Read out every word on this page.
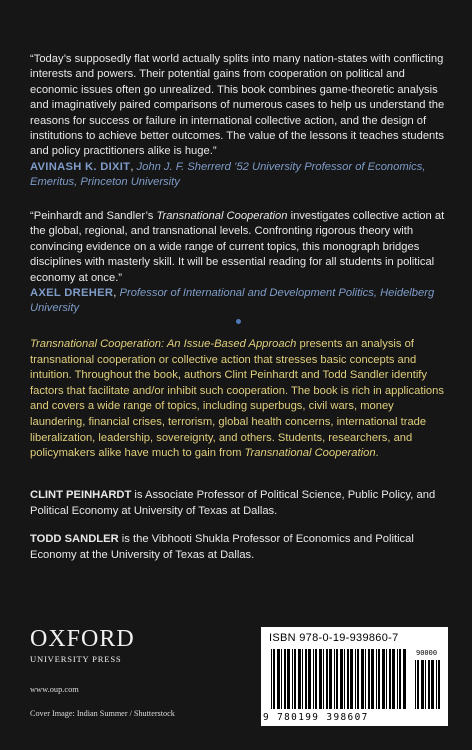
“Today’s supposedly flat world actually splits into many nation-states with conflicting interests and powers. Their potential gains from cooperation on political and economic issues often go unrealized. This book combines game-theoretic analysis and imaginatively paired comparisons of numerous cases to help us understand the reasons for success or failure in international collective action, and the design of institutions to achieve better outcomes. The value of the lessons it teaches students and policy practitioners alike is huge.”

AVINASH K. DIXIT, John J. F. Sherrerd ’52 University Professor of Economics, Emeritus, Princeton University

“Peinhardt and Sandler’s Transnational Cooperation investigates collective action at the global, regional, and transnational levels. Confronting rigorous theory with convincing evidence on a wide range of current topics, this monograph bridges disciplines with masterly skill. It will be essential reading for all students in political economy at once.”

AXEL DREHER, Professor of International and Development Politics, Heidelberg University

Transnational Cooperation: An Issue-Based Approach presents an analysis of transnational cooperation or collective action that stresses basic concepts and intuition. Throughout the book, authors Clint Peinhardt and Todd Sandler identify factors that facilitate and/or inhibit such cooperation. The book is rich in applications and covers a wide range of topics, including superbugs, civil wars, money laundering, financial crises, terrorism, global health concerns, international trade liberalization, leadership, sovereignty, and others. Students, researchers, and policymakers alike have much to gain from Transnational Cooperation.

CLINT PEINHARDT is Associate Professor of Political Science, Public Policy, and Political Economy at University of Texas at Dallas.

TODD SANDLER is the Vibhooti Shukla Professor of Economics and Political Economy at the University of Texas at Dallas.

OXFORD
UNIVERSITY PRESS
www.oup.com
Cover Image: Indian Summer / Shutterstock
ISBN 978-0-19-939860-7
90000
9 780199 398607
